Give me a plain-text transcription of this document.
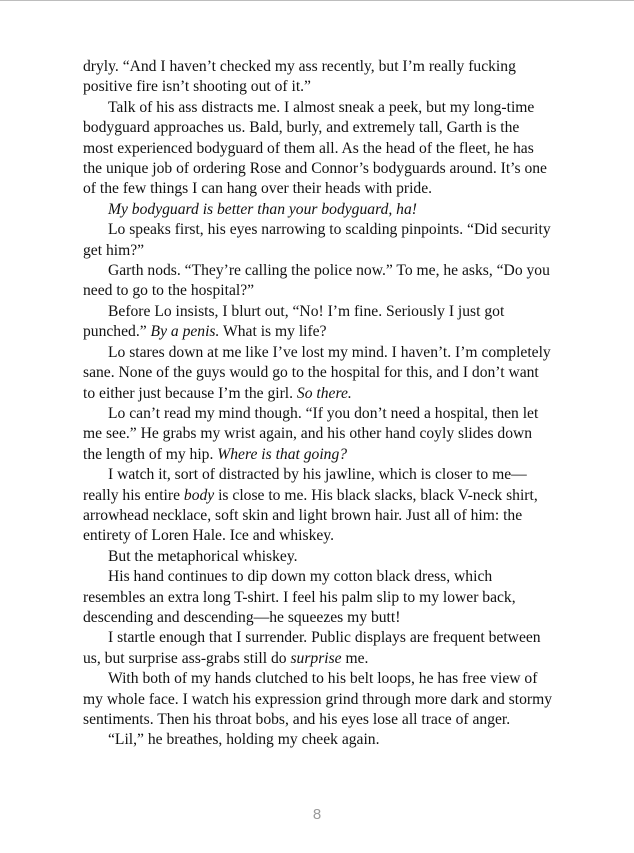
dryly. “And I haven’t checked my ass recently, but I’m really fucking positive fire isn’t shooting out of it.”

Talk of his ass distracts me. I almost sneak a peek, but my long-time bodyguard approaches us. Bald, burly, and extremely tall, Garth is the most experienced bodyguard of them all. As the head of the fleet, he has the unique job of ordering Rose and Connor’s bodyguards around. It’s one of the few things I can hang over their heads with pride.

My bodyguard is better than your bodyguard, ha!

Lo speaks first, his eyes narrowing to scalding pinpoints. “Did security get him?”

Garth nods. “They’re calling the police now.” To me, he asks, “Do you need to go to the hospital?”

Before Lo insists, I blurt out, “No! I’m fine. Seriously I just got punched.” By a penis. What is my life?

Lo stares down at me like I’ve lost my mind. I haven’t. I’m completely sane. None of the guys would go to the hospital for this, and I don’t want to either just because I’m the girl. So there.

Lo can’t read my mind though. “If you don’t need a hospital, then let me see.” He grabs my wrist again, and his other hand coyly slides down the length of my hip. Where is that going?

I watch it, sort of distracted by his jawline, which is closer to me—really his entire body is close to me. His black slacks, black V-neck shirt, arrowhead necklace, soft skin and light brown hair. Just all of him: the entirety of Loren Hale. Ice and whiskey.

But the metaphorical whiskey.

His hand continues to dip down my cotton black dress, which resembles an extra long T-shirt. I feel his palm slip to my lower back, descending and descending—he squeezes my butt!

I startle enough that I surrender. Public displays are frequent between us, but surprise ass-grabs still do surprise me.

With both of my hands clutched to his belt loops, he has free view of my whole face. I watch his expression grind through more dark and stormy sentiments. Then his throat bobs, and his eyes lose all trace of anger.

“Lil,” he breathes, holding my cheek again.

8
